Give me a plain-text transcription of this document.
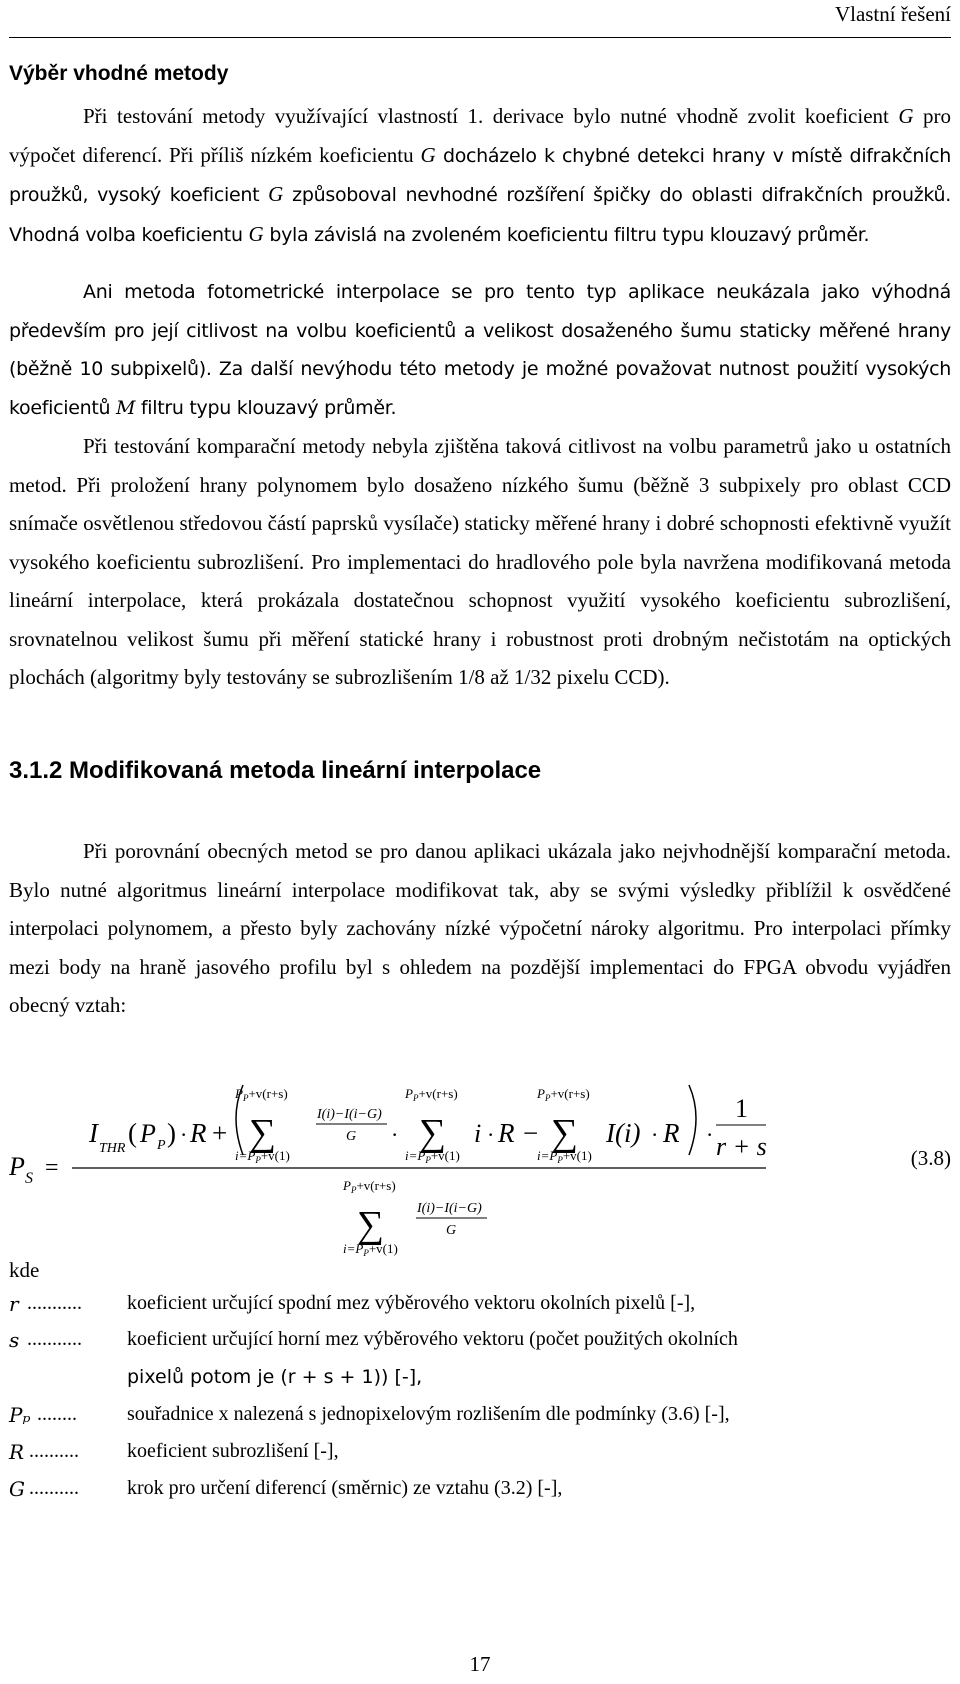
Vlastní řešení
Výběr vhodné metody

Při testování metody využívající vlastností 1. derivace bylo nutné vhodně zvolit koeficient G pro výpočet diferencí. Při příliš nízkém koeficientu G docházelo k chybné detekci hrany v místě difrakčních proužků, vysoký koeficient G způsoboval nevhodné rozšíření špičky do oblasti difrakčních proužků. Vhodná volba koeficientu G byla závislá na zvoleném koeficientu filtru typu klouzavý průměr.

Ani metoda fotometrické interpolace se pro tento typ aplikace neukázala jako výhodná především pro její citlivost na volbu koeficientů a velikost dosaženého šumu staticky měřené hrany (běžně 10 subpixelů). Za další nevýhodu této metody je možné považovat nutnost použití vysokých koeficientů M filtru typu klouzavý průměr.

Při testování komparační metody nebyla zjištěna taková citlivost na volbu parametrů jako u ostatních metod. Při proložení hrany polynomem bylo dosaženo nízkého šumu (běžně 3 subpixely pro oblast CCD snímače osvětlenou středovou částí paprsků vysílače) staticky měřené hrany i dobré schopnosti efektivně využít vysokého koeficientu subrozlišení. Pro implementaci do hradlového pole byla navržena modifikovaná metoda lineární interpolace, která prokázala dostatečnou schopnost využití vysokého koeficientu subrozlišení, srovnatelnou velikost šumu při měření statické hrany i robustnost proti drobným nečistotám na optických plochách (algoritmy byly testovány se subrozlišením 1/8 až 1/32 pixelu CCD).

3.1.2 Modifikovaná metoda lineární interpolace

Při porovnání obecných metod se pro danou aplikaci ukázala jako nejvhodnější komparační metoda. Bylo nutné algoritmus lineární interpolace modifikovat tak, aby se svými výsledky přiblížil k osvědčené interpolaci polynomem, a přesto byly zachovány nízké výpočetní nároky algoritmu. Pro interpolaci přímky mezi body na hraně jasového profilu byl s ohledem na pozdější implementaci do FPGA obvodu vyjádřen obecný vztah:

P S =
I
THR
( P P ) · R +
$P_P+v(r+s)$
∑
$i=P_P+v(1)$
I(i)−I(i−G)
G ·
$P_P+v(r+s)$
∑
$i=P_P+v(1)$
i · R −
$P_P+v(r+s)$
∑
$i=P_P+v(1)$
I(i) · R ·
1
r + s
$P_P+v(r+s)$
∑
$i=P_P+v(1)$
I(i)−I(i−G)
G
(3.8)
kde
r ........... koeficient určující spodní mez výběrového vektoru okolních pixelů [-],
s ........... koeficient určující horní mez výběrového vektoru (počet použitých okolních
pixelů potom je (r + s + 1)) [-],
Pₚ ........	souřadnice x nalezená s jednopixelovým rozlišením dle podmínky (3.6) [-],
R .......... koeficient subrozlišení [-],
G .......... krok pro určení diferencí (směrnic) ze vztahu (3.2) [-],
17
